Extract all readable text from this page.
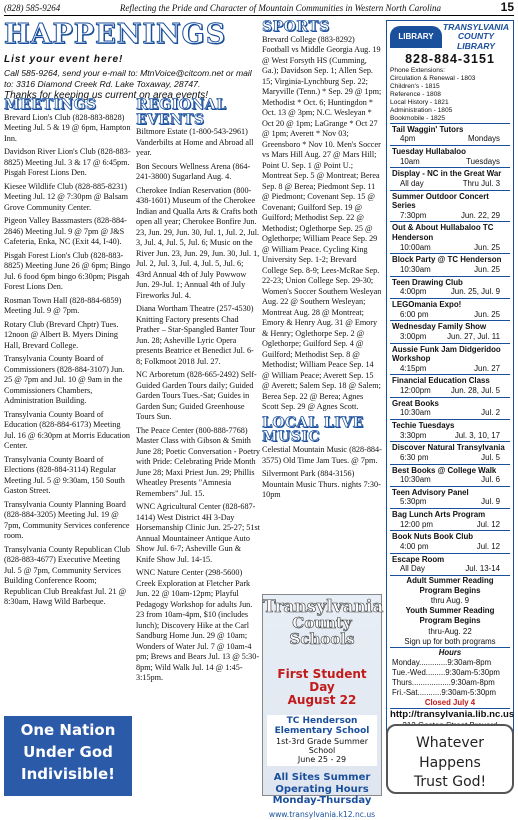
(828) 585-9264	Reflecting the Pride and Character of Mountain Communities in Western North Carolina	15
HAPPENINGS
List your event here!
Call 585-9264, send your e-mail to: MtnVoice@citcom.net or mail to: 3316 Diamond Creek Rd. Lake Toxaway, 28747.
Thanks for keeping us current on area events!
MEETINGS
Brevard Lion's Club (828-883-8828) Meeting Jul. 5 & 19 @ 6pm, Hampton Inn.
Davidson River Lion's Club (828-883-8825) Meeting Jul. 3 & 17 @ 6:45pm. Pisgah Forest Lions Den.
Kiesee Wildlife Club (828-885-8231) Meeting Jul. 12 @ 7:30pm @ Balsam Grove Community Center.
Pigeon Valley Bassmasters (828-884-2846) Meeting Jul. 9 @ 7pm @ J&S Cafeteria, Enka, NC (Exit 44, I-40).
Pisgah Forest Lion's Club (828-883-8825) Meeting June 26 @ 6pm; Bingo Jul. 6 food 6pm bingo 6:30pm; Pisgah Forest Lions Den.
Rosman Town Hall (828-884-6859) Meeting Jul. 9 @ 7pm.
Rotary Club (Brevard Chptr) Tues. 12noon @ Albert B. Myers Dining Hall, Brevard College.
Transylvania County Board of Commissioners (828-884-3107) Jun. 25 @ 7pm and Jul. 10 @ 9am in the Commissioners Chambers, Administration Building.
Transylvania County Board of Education (828-884-6173) Meeting Jul. 16 @ 6:30pm at Morris Education Center.
Transylvania County Board of Elections (828-884-3114) Regular Meeting Jul. 5 @ 9:30am, 150 South Gaston Street.
Transylvania County Planning Board (828-884-3205) Meeting Jul. 19 @ 7pm, Community Services conference room.
Transylvania County Republican Club (828-883-4677) Executive Meeting Jul. 5 @ 7pm, Community Services Building Conference Room; Republican Club Breakfast Jul. 21 @ 8:30am, Hawg Wild Barbeque.
One Nation
Under God
Indivisible!
REGIONAL EVENTS
Biltmore Estate (1-800-543-2961) Vanderbilts at Home and Abroad all year.
Bon Secours Wellness Arena (864-241-3800) Sugarland Aug. 4.
Cherokee Indian Reservation (800-438-1601) Museum of the Cherokee Indian and Qualla Arts & Crafts both open all year; Cherokee Bonfire Jun. 23, Jun. 29, Jun. 30, Jul. 1, Jul. 2, Jul. 3, Jul. 4, Jul. 5, Jul. 6; Music on the River Jun. 23, Jun. 29, Jun. 30, Jul. 1, Jul. 2, Jul. 3, Jul. 4, Jul. 5, Jul. 6; 43rd Annual 4th of July Powwow Jun. 29-Jul. 1; Annual 4th of July Fireworks Jul. 4.
Diana Wortham Theatre (257-4530) Knitting Factory presents Chad Prather – Star-Spangled Banter Tour Jun. 28; Asheville Lyric Opera presents Beatrice et Benedict Jul. 6-8; Folkmoot 2018 Jul. 27.
NC Arboretum (828-665-2492) Self-Guided Garden Tours daily; Guided Garden Tours Tues.-Sat; Guides in Garden Sun; Guided Greenhouse Tours Sun.
The Peace Center (800-888-7768) Master Class with Gibson & Smith June 28; Poetic Conversation - Poetry with Pride: Celebrating Pride Month June 28; Maxi Priest Jun. 29; Phillis Wheatley Presents "Amnesia Remembers" Jul. 15.
WNC Agricultural Center (828-687-1414) West District 4H 3-Day Horsemanship Clinic Jun. 25-27; 51st Annual Mountaineer Antique Auto Show Jul. 6-7; Asheville Gun & Knife Show Jul. 14-15.
WNC Nature Center (298-5600) Creek Exploration at Fletcher Park Jun. 22 @ 10am-12pm; Playful Pedagogy Workshop for adults Jun. 23 from 10am-4pm, $10 (includes lunch); Discovery Hike at the Carl Sandburg Home Jun. 29 @ 10am; Wonders of Water Jul. 7 @ 10am-4 pm; Brews and Bears Jul. 13 @ 5:30-8pm; Wild Walk Jul. 14 @ 1:45-3:15pm.
SPORTS
Brevard College (883-8292) Football vs Middle Georgia Aug. 19 @ West Forsyth HS (Cumming, Ga.); Davidson Sep. 1; Allen Sep. 15; Virginia-Lynchburg Sep. 22; Maryville (Tenn.) * Sep. 29 @ 1pm; Methodist * Oct. 6; Huntingdon * Oct. 13 @ 3pm; N.C. Wesleyan * Oct 20 @ 1pm; LaGrange * Oct 27 @ 1pm; Averett * Nov 03; Greensboro * Nov 10. Men's Soccer vs Mars Hill Aug. 27 @ Mars Hill; Point U. Sep. 1 @ Point U.; Montreat Sep. 5 @ Montreat; Berea Sep. 8 @ Berea; Piedmont Sep. 11 @ Piedmont; Covenant Sep. 15 @ Covenant; Guilford Sep. 19 @ Guilford; Methodist Sep. 22 @ Methodist; Oglethorpe Sep. 25 @ Oglethorpe; William Peace Sep. 29 @ William Peace. Cycling King University Sep. 1-2; Brevard College Sep. 8-9; Lees-McRae Sep. 22-23; Union College Sep. 29-30; Women's Soccer Southern Wesleyan Aug. 22 @ Southern Wesleyan; Montreat Aug. 28 @ Montreat; Emory & Henry Aug. 31 @ Emory & Henry; Oglethorpe Sep. 2 @ Oglethorpe; Guilford Sep. 4 @ Guilford; Methodist Sep. 8 @ Methodist; William Peace Sep. 14 @ William Peace; Averett Sep. 15 @ Averett; Salem Sep. 18 @ Salem; Berea Sep. 22 @ Berea; Agnes Scott Sep. 29 @ Agnes Scott.
LOCAL LIVE MUSIC
Celestial Mountain Music (828-884-3575) Old Time Jam Tues. @ 7pm.
Silvermont Park (884-3156) Mountain Music Thurs. nights 7:30-10pm
Transylvania
County Schools
First Student Day
August 22
TC Henderson Elementary School
1st-3rd Grade Summer School
June 25 - 29
All Sites Summer Operating Hours Monday-Thursday
www.transylvania.k12.nc.us
LIBRARY
TRANSYLVANIA COUNTY LIBRARY
828-884-3151
Phone Extensions:
Circulation & Renewal - 1803
Children's - 1815
Reference - 1808
Local History - 1821
Administration - 1805
Bookmobile - 1825
Tail Waggin' Tutors
4pm	Mondays
Tuesday Hullabaloo
10am	Tuesdays
Display - NC in the Great War
All day	Thru Jul. 3
Summer Outdoor Concert Series
7:30pm	Jun. 22, 29
Out & About Hullabaloo TC Henderson
10:00am	Jun. 25
Block Party @ TC Henderson
10:30am	Jun. 25
Teen Drawing Club
4:00pm	Jun. 25, Jul. 9
LEGOmania Expo!
6:00 pm	Jun. 25
Wednesday Family Show
3:00pm	Jun. 27, Jul. 11
Aussie Funk Jam Didgeridoo Workshop
4:15pm	Jun. 27
Financial Education Class
12:00pm	Jun. 28, Jul. 5
Great Books
10:30am	Jul. 2
Techie Tuesdays
3:30pm	Jul. 3, 10, 17
Discover Natural Transylvania
6:30 pm	Jul. 5
Best Books @ College Walk
10:30am	Jul. 6
Teen Advisory Panel
5:30pm	Jul. 9
Bag Lunch Arts Program
12:00 pm	Jul. 12
Book Nuts Book Club
4:00 pm	Jul. 12
Escape Room
All Day	Jul. 13-14
Adult Summer Reading Program Begins
thru Aug. 9
Youth Summer Reading Program Begins
thru-Aug. 22
Sign up for both programs
Hours
Monday.............9:30am-8pm
Tue.-Wed.........9:30am-5:30pm
Thurs..................9:30am-8pm
Fri.-Sat...........9:30am-5:30pm
Closed July 4
http://transylvania.lib.nc.us
Whatever Happens
Trust God!
